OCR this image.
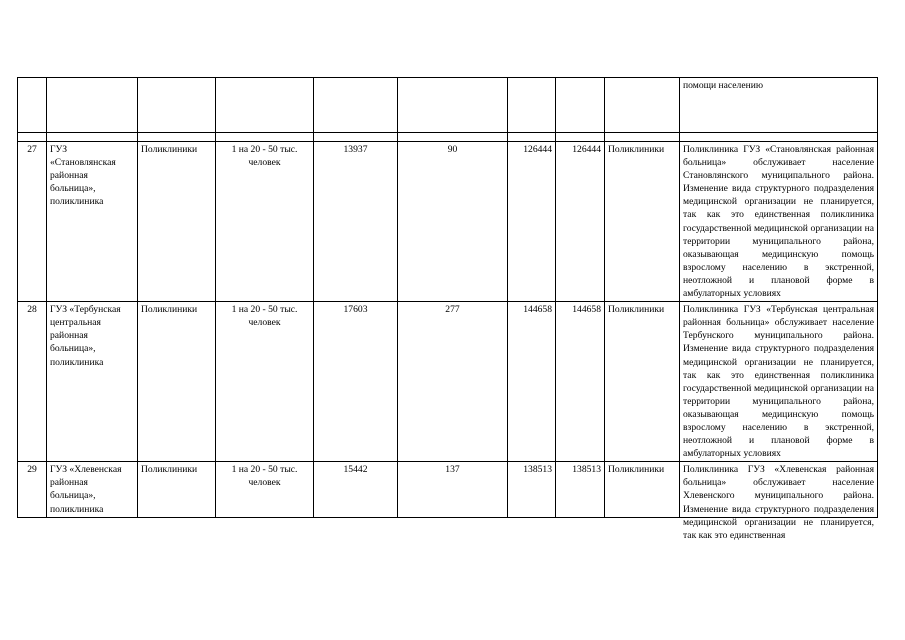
									помощи населению

27	ГУЗ «Становлянская районная больница», поликлиника	Поликлиники	1 на 20 - 50 тыс. человек	13937	90	126444	126444	Поликлиники	Поликлиника ГУЗ «Становлянская районная больница» обслуживает население Становлянского муниципального района. Изменение вида структурного подразделения медицинской организации не планируется, так как это единственная поликлиника государственной медицинской организации на территории муниципального района, оказывающая медицинскую помощь взрослому населению в экстренной, неотложной и плановой форме в амбулаторных условиях
28	ГУЗ «Тербунская центральная районная больница», поликлиника	Поликлиники	1 на 20 - 50 тыс. человек	17603	277	144658	144658	Поликлиники	Поликлиника ГУЗ «Тербунская центральная районная больница» обслуживает население Тербунского муниципального района. Изменение вида структурного подразделения медицинской организации не планируется, так как это единственная поликлиника государственной медицинской организации на территории муниципального района, оказывающая медицинскую помощь взрослому населению в экстренной, неотложной и плановой форме в амбулаторных условиях
29	ГУЗ «Хлевенская районная больница», поликлиника	Поликлиники	1 на 20 - 50 тыс. человек	15442	137	138513	138513	Поликлиники	Поликлиника ГУЗ «Хлевенская районная больница» обслуживает население Хлевенского муниципального района. Изменение вида структурного подразделения медицинской организации не планируется, так как это единственная
